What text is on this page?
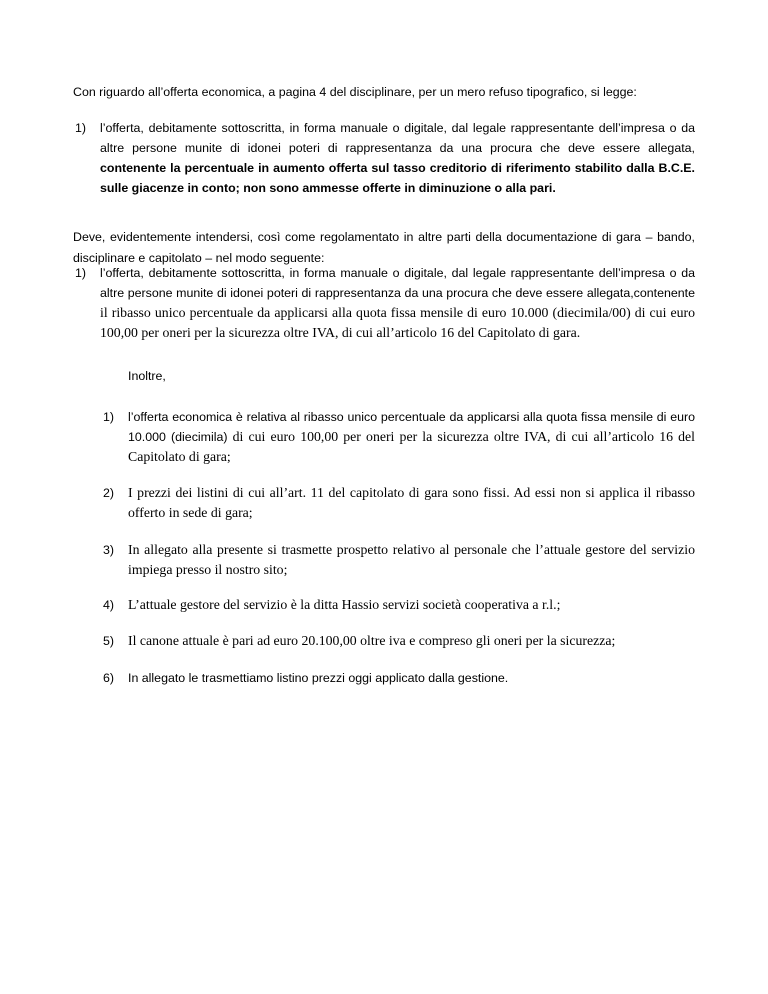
Con riguardo all’offerta economica, a pagina 4 del disciplinare, per un mero refuso tipografico, si legge:

1) l’offerta, debitamente sottoscritta, in forma manuale o digitale, dal legale rappresentante dell’impresa o da altre persone munite di idonei poteri di rappresentanza da una procura che deve essere allegata, contenente la percentuale in aumento offerta sul tasso creditorio di riferimento stabilito dalla B.C.E. sulle giacenze in conto; non sono ammesse offerte in diminuzione o alla pari.

Deve, evidentemente intendersi, così come regolamentato in altre parti della documentazione di gara – bando, disciplinare e capitolato – nel modo seguente:

1) l’offerta, debitamente sottoscritta, in forma manuale o digitale, dal legale rappresentante dell’impresa o da altre persone munite di idonei poteri di rappresentanza da una procura che deve essere allegata,contenente il ribasso unico percentuale da applicarsi alla quota fissa mensile di euro 10.000 (diecimila/00) di cui euro 100,00 per oneri per la sicurezza oltre IVA, di cui all’articolo 16 del Capitolato di gara.

Inoltre,

1) l’offerta economica è relativa al ribasso unico percentuale da applicarsi alla quota fissa mensile di euro 10.000 (diecimila) di cui euro 100,00 per oneri per la sicurezza oltre IVA, di cui all’articolo 16 del Capitolato di gara;
2) I prezzi dei listini di cui all’art. 11 del capitolato di gara sono fissi. Ad essi non si applica il ribasso offerto in sede di gara;
3) In allegato alla presente si trasmette prospetto relativo al personale che l’attuale gestore del servizio impiega presso il nostro sito;
4) L’attuale gestore del servizio è la ditta Hassio servizi società cooperativa a r.l.;
5) Il canone attuale è pari ad euro 20.100,00 oltre iva e compreso gli oneri per la sicurezza;
6) In allegato le trasmettiamo listino prezzi oggi applicato dalla gestione.
